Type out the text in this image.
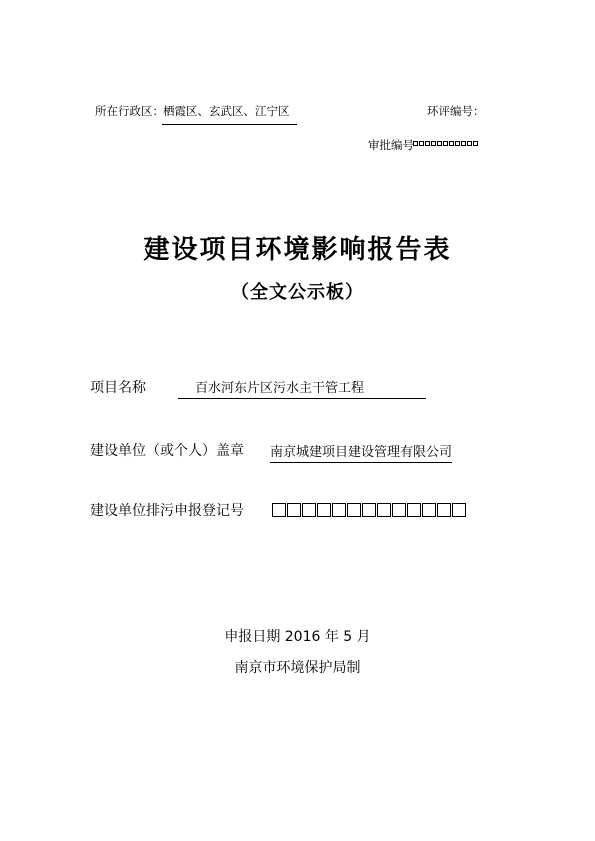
所在行政区： 栖霞区、玄武区、江宁区	环评编号：
审批编号
建设项目环境影响报告表
（全文公示板）
项目名称	百水河东片区污水主干管工程
建设单位（或个人）盖章 南京城建项目建设管理有限公司
建设单位排污申报登记号
申报日期 2016 年 5 月
南京市环境保护局制
